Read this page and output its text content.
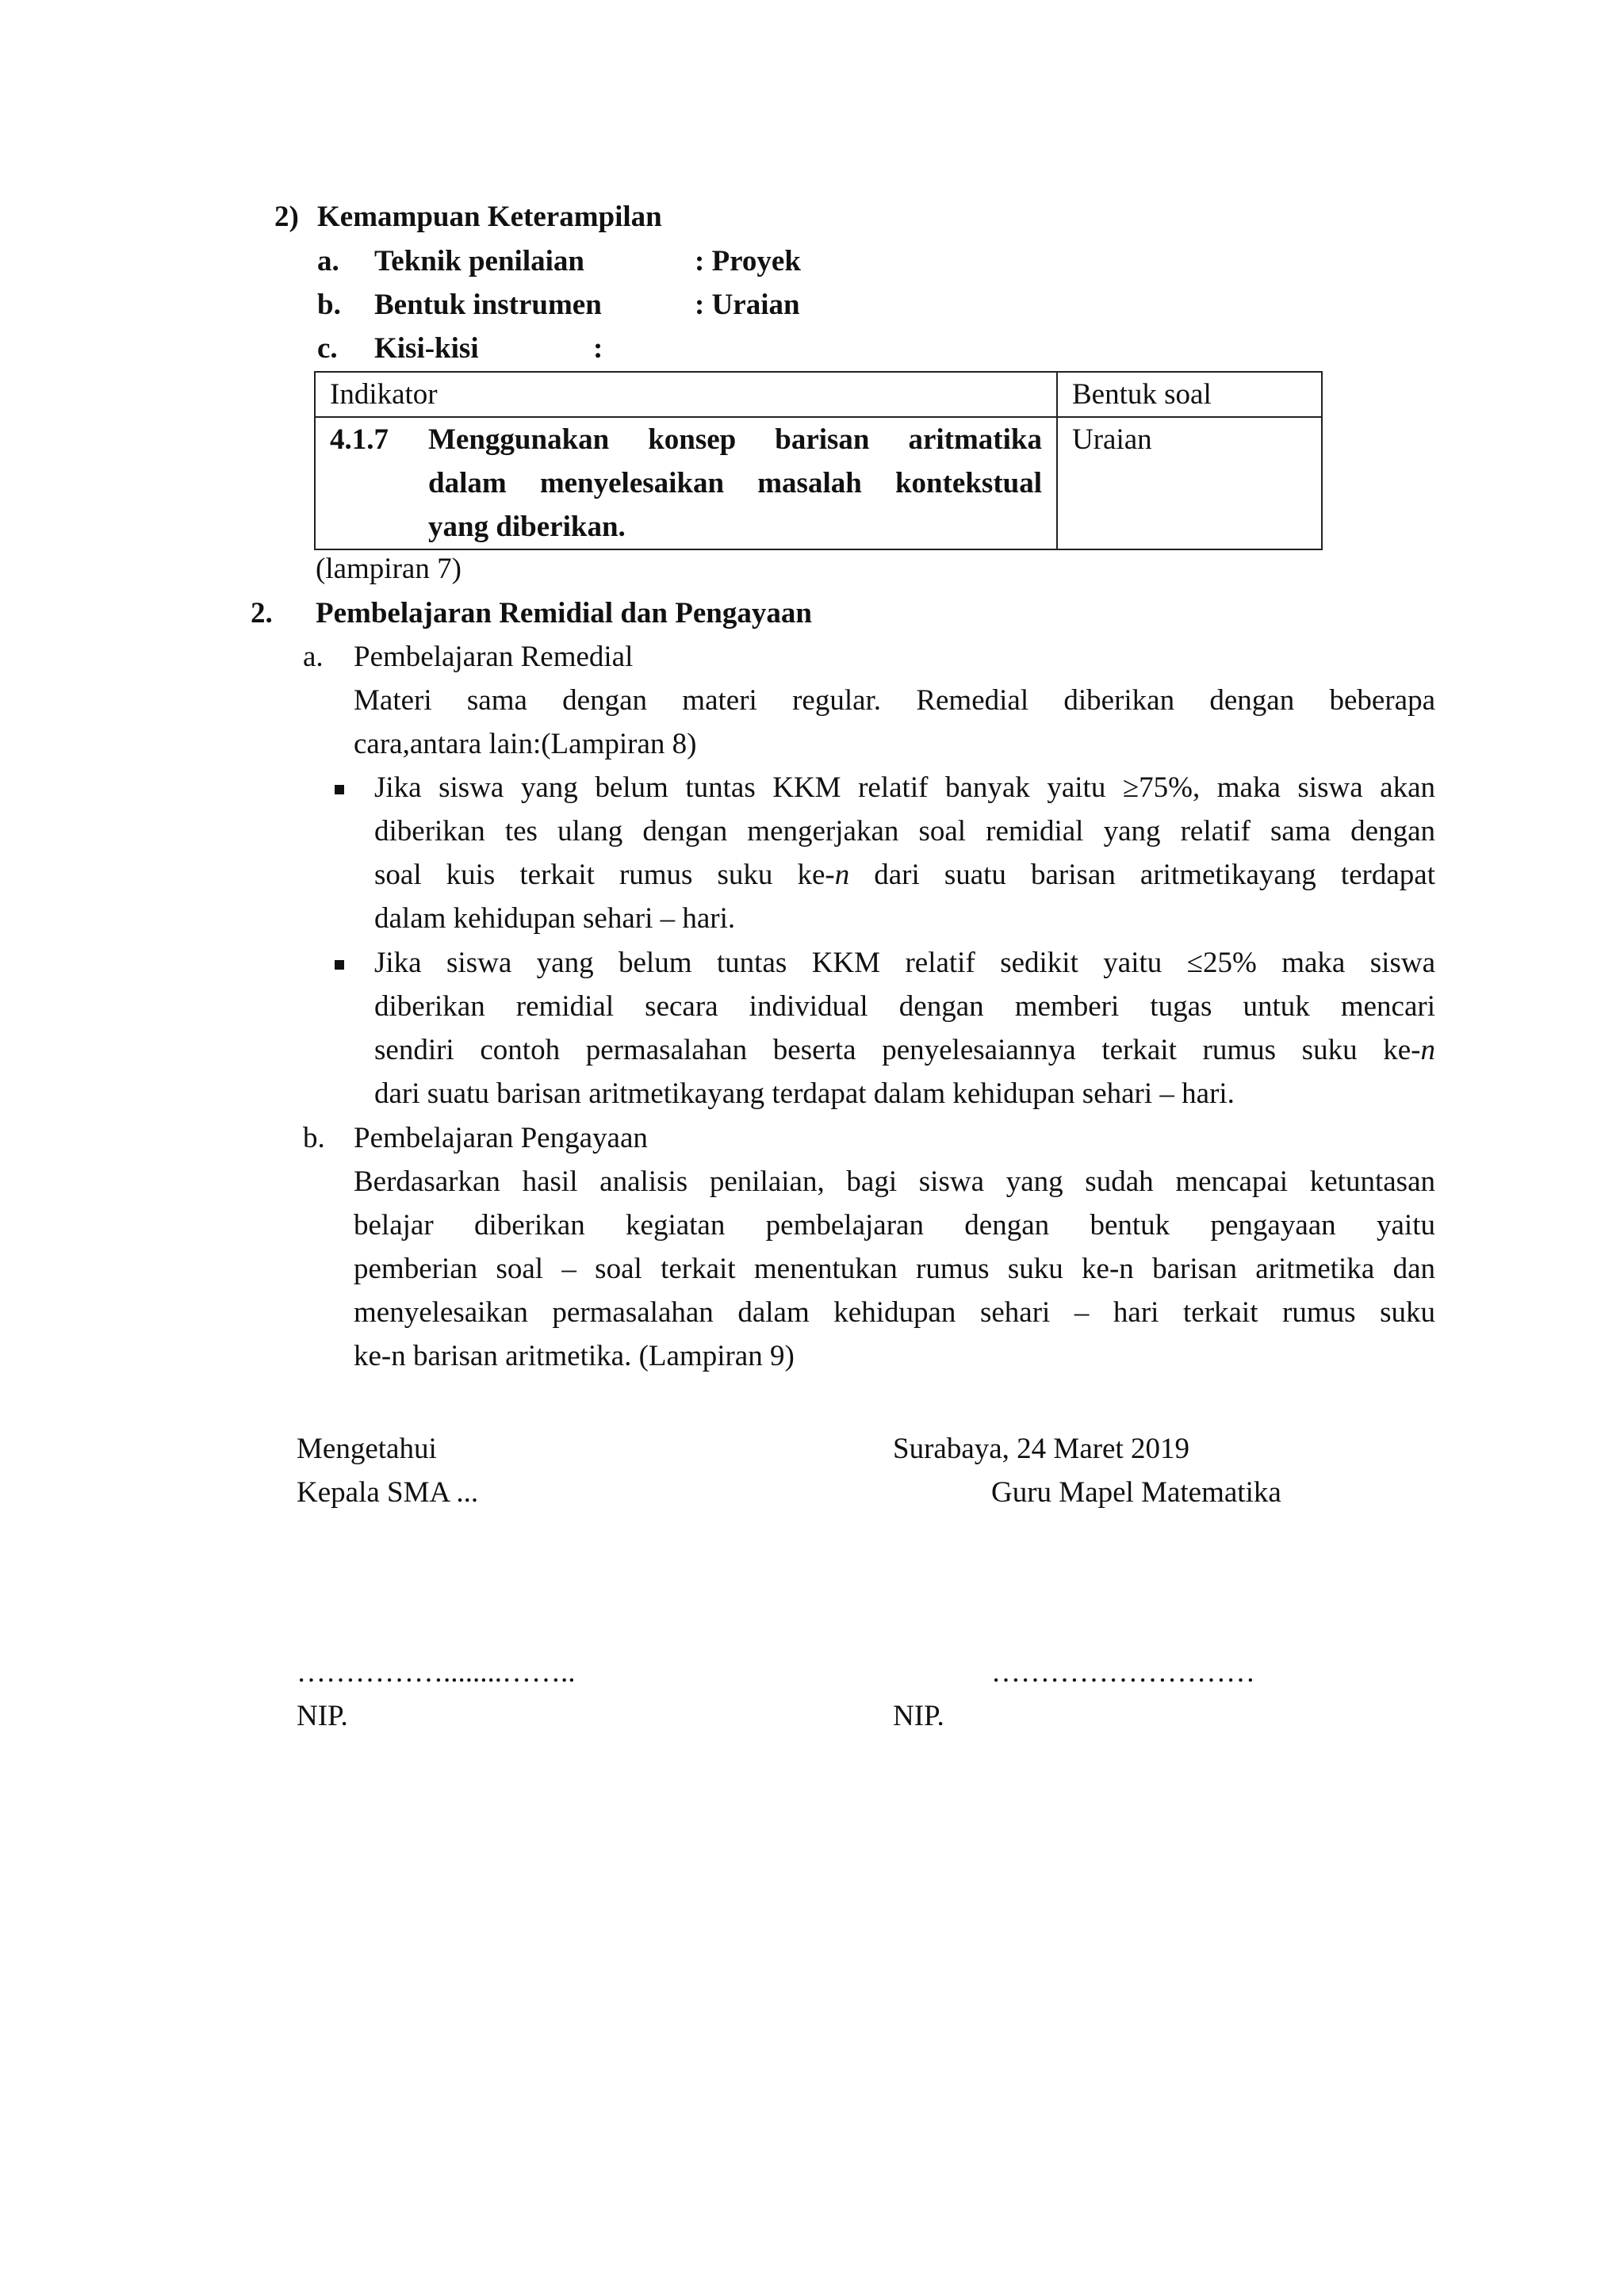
2) Kemampuan Keterampilan
a. Teknik penilaian	: Proyek
b. Bentuk instrumen	: Uraian
c. Kisi-kisi	:
Indikator	Bentuk soal

4.1.7 Menggunakan konsep barisan aritmatika
dalam menyelesaikan masalah kontekstual
yang diberikan.	Uraian
(lampiran 7)
2. Pembelajaran Remidial dan Pengayaan
a. Pembelajaran Remedial
Materi sama dengan materi regular. Remedial diberikan dengan beberapa
cara,antara lain:(Lampiran 8)
Jika siswa yang belum tuntas KKM relatif banyak yaitu ≥75%, maka siswa akan
diberikan tes ulang dengan mengerjakan soal remidial yang relatif sama dengan
soal kuis terkait rumus suku ke-n dari suatu barisan aritmetikayang terdapat
dalam kehidupan sehari – hari.
Jika siswa yang belum tuntas KKM relatif sedikit yaitu ≤25% maka siswa
diberikan remidial secara individual dengan memberi tugas untuk mencari
sendiri contoh permasalahan beserta penyelesaiannya terkait rumus suku ke-n
dari suatu barisan aritmetikayang terdapat dalam kehidupan sehari – hari.
b. Pembelajaran Pengayaan
Berdasarkan hasil analisis penilaian, bagi siswa yang sudah mencapai ketuntasan
belajar diberikan kegiatan pembelajaran dengan bentuk pengayaan yaitu
pemberian soal – soal terkait menentukan rumus suku ke-n barisan aritmetika dan
menyelesaikan permasalahan dalam kehidupan sehari – hari terkait rumus suku
ke-n barisan aritmetika. (Lampiran 9)
Mengetahui
Kepala SMA ...
Surabaya, 24 Maret 2019
Guru Mapel Matematika
……………........……..	………………………
NIP.	NIP.
